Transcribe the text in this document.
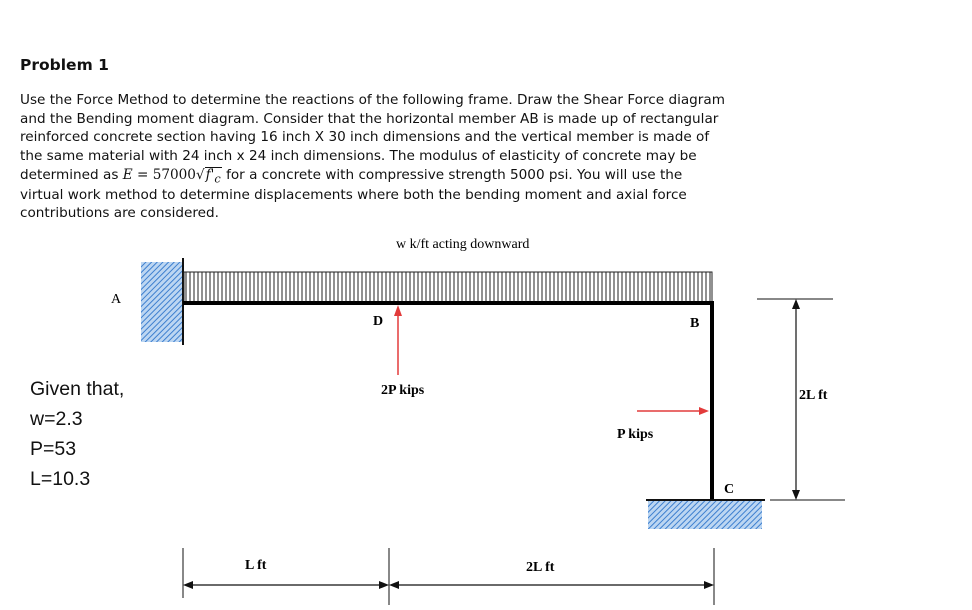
Problem 1
Use the Force Method to determine the reactions of the following frame. Draw the Shear Force diagram
and the Bending moment diagram. Consider that the horizontal member AB is made up of rectangular
reinforced concrete section having 16 inch X 30 inch dimensions and the vertical member is made of
the same material with 24 inch x 24 inch dimensions. The modulus of elasticity of concrete may be
determined as $E = 57000√f'_c$ for a concrete with compressive strength 5000 psi. You will use the
virtual work method to determine displacements where both the bending moment and axial force
contributions are considered.
w k/ft acting downward
A
D	B
C
2P kips
P kips
2L ft
L ft	2L ft
Given that,
w=2.3
P=53
L=10.3
